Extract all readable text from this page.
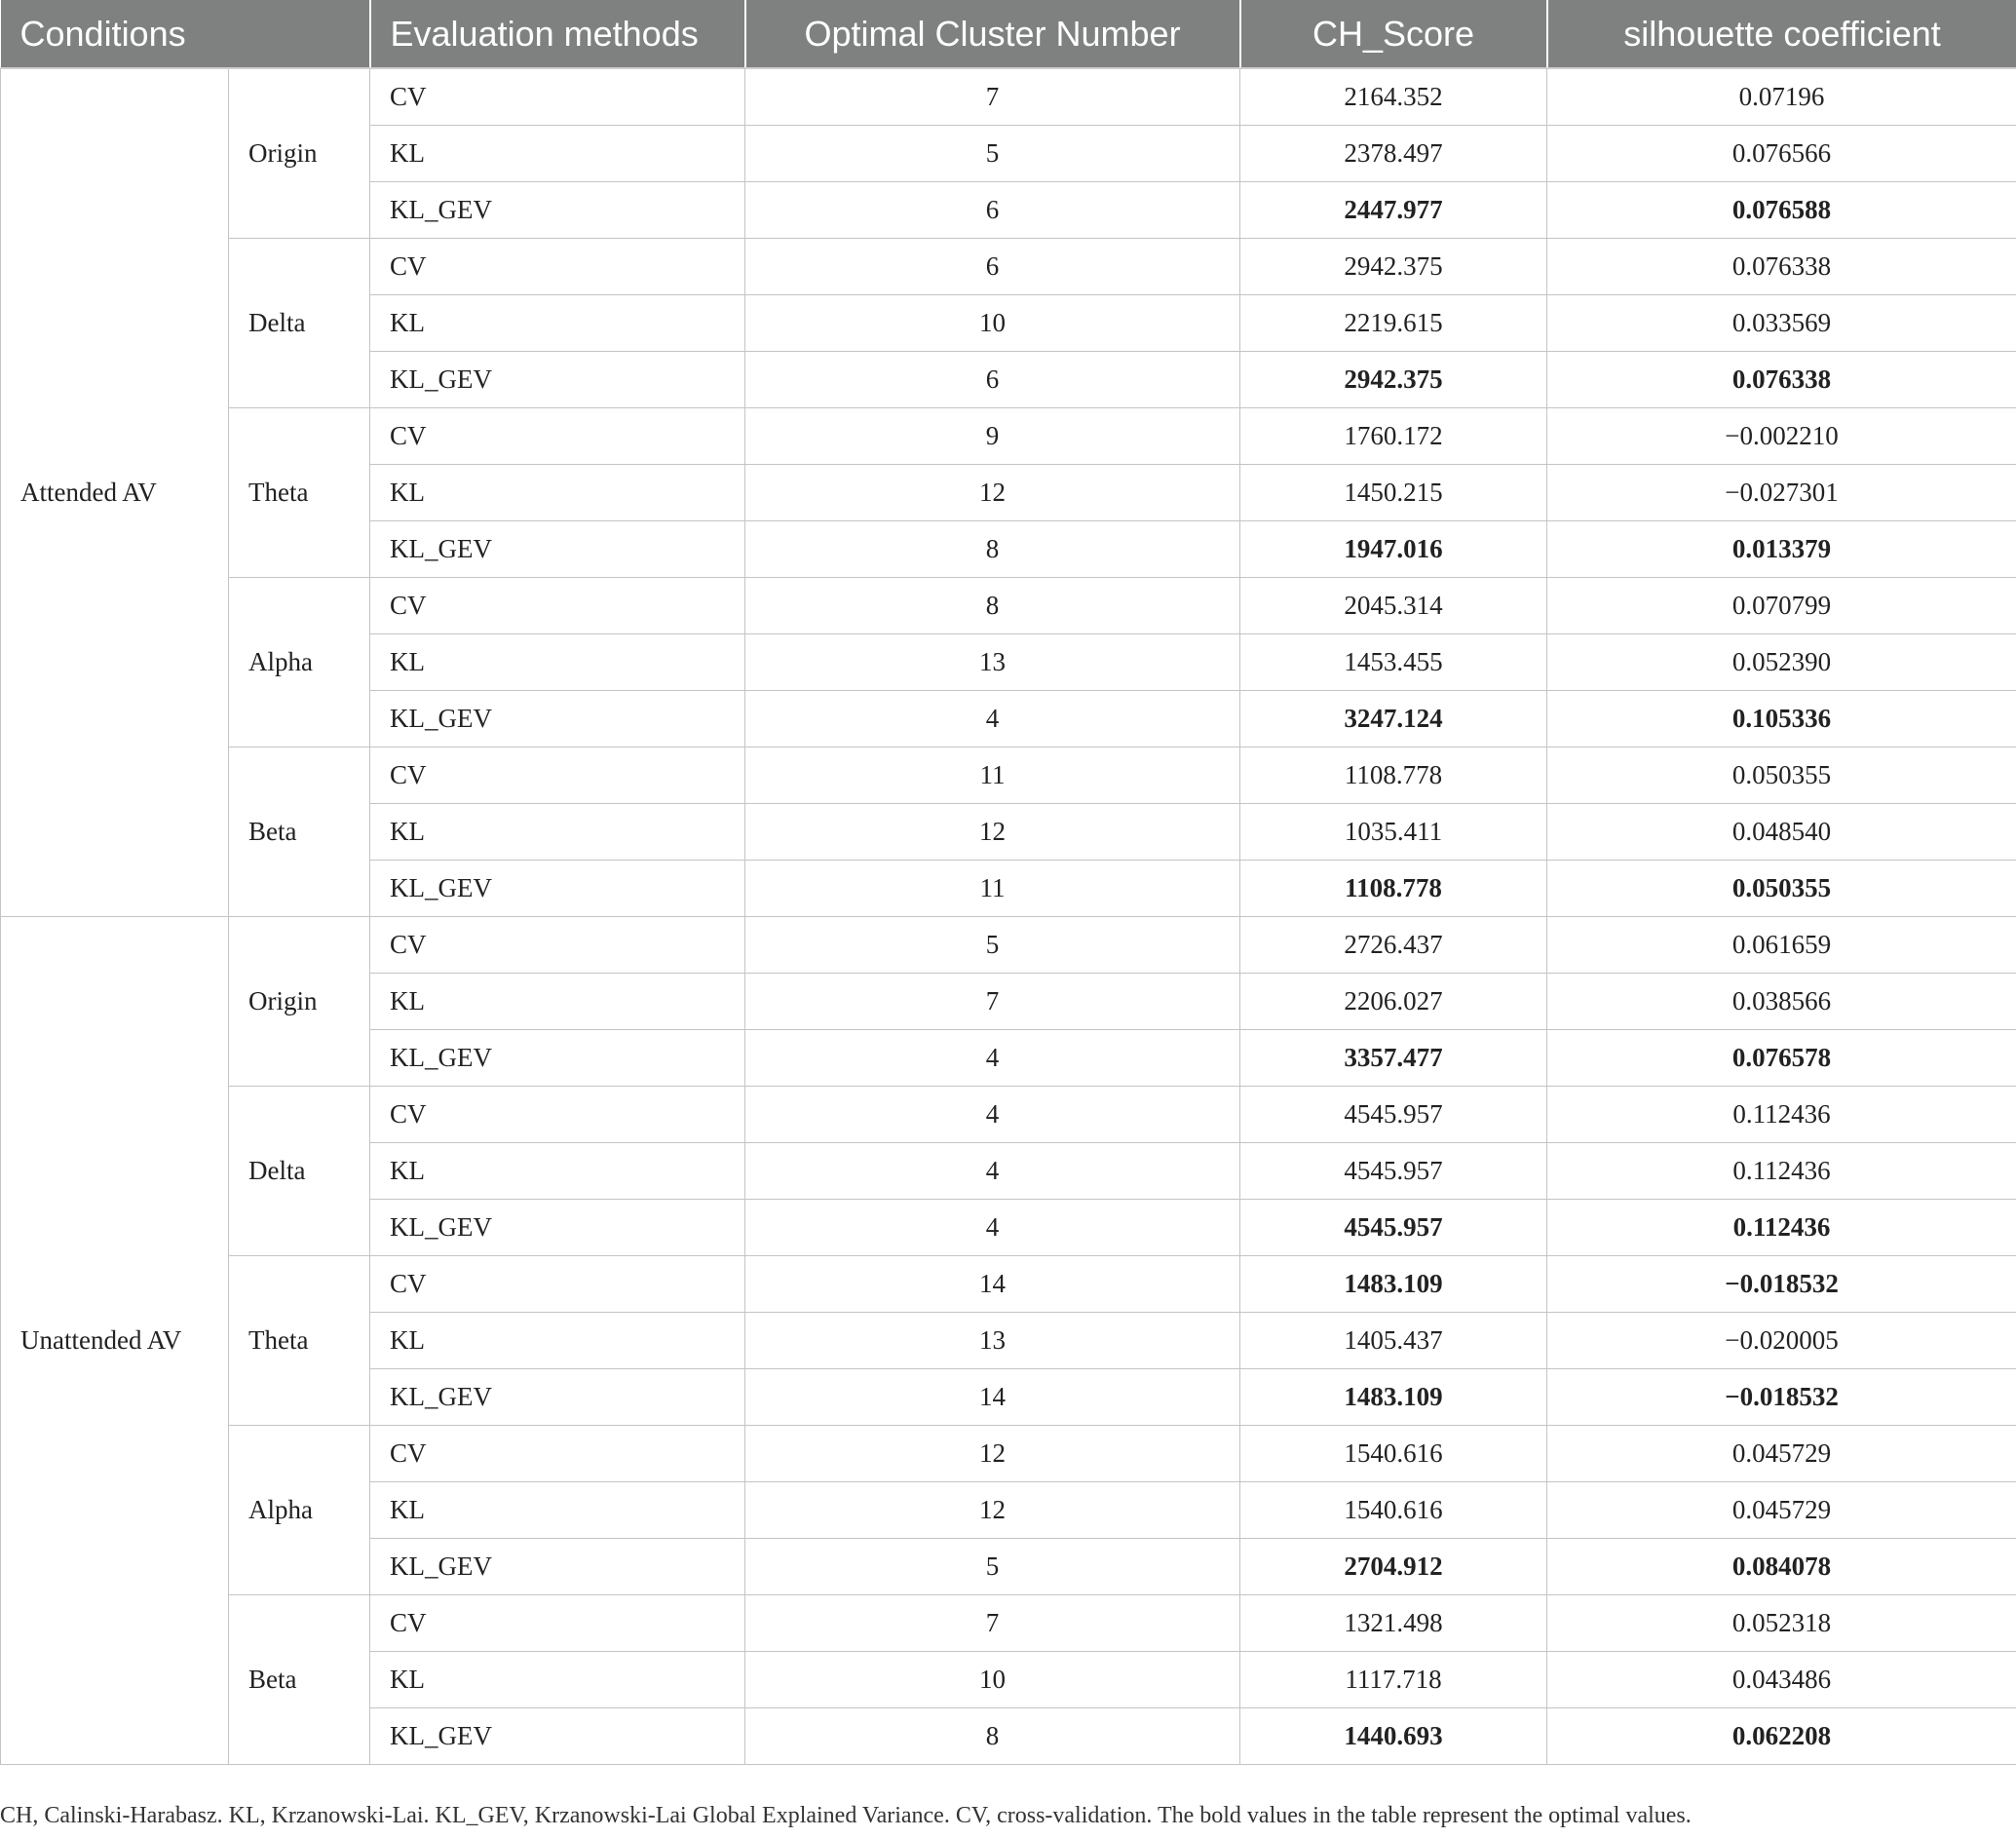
Conditions		Evaluation methods	Optimal Cluster Number	CH_Score	silhouette coefficient
Attended AV	Origin	CV	7	2164.352	0.07196
		KL	5	2378.497	0.076566
		KL_GEV	6	2447.977	0.076588
	Delta	CV	6	2942.375	0.076338
		KL	10	2219.615	0.033569
		KL_GEV	6	2942.375	0.076338
	Theta	CV	9	1760.172	−0.002210
		KL	12	1450.215	−0.027301
		KL_GEV	8	1947.016	0.013379
	Alpha	CV	8	2045.314	0.070799
		KL	13	1453.455	0.052390
		KL_GEV	4	3247.124	0.105336
	Beta	CV	11	1108.778	0.050355
		KL	12	1035.411	0.048540
		KL_GEV	11	1108.778	0.050355
Unattended AV	Origin	CV	5	2726.437	0.061659
		KL	7	2206.027	0.038566
		KL_GEV	4	3357.477	0.076578
	Delta	CV	4	4545.957	0.112436
		KL	4	4545.957	0.112436
		KL_GEV	4	4545.957	0.112436
	Theta	CV	14	1483.109	−0.018532
		KL	13	1405.437	−0.020005
		KL_GEV	14	1483.109	−0.018532
	Alpha	CV	12	1540.616	0.045729
		KL	12	1540.616	0.045729
		KL_GEV	5	2704.912	0.084078
	Beta	CV	7	1321.498	0.052318
		KL	10	1117.718	0.043486
		KL_GEV	8	1440.693	0.062208
CH, Calinski-Harabasz. KL, Krzanowski-Lai. KL_GEV, Krzanowski-Lai Global Explained Variance. CV, cross-validation. The bold values in the table represent the optimal values.
